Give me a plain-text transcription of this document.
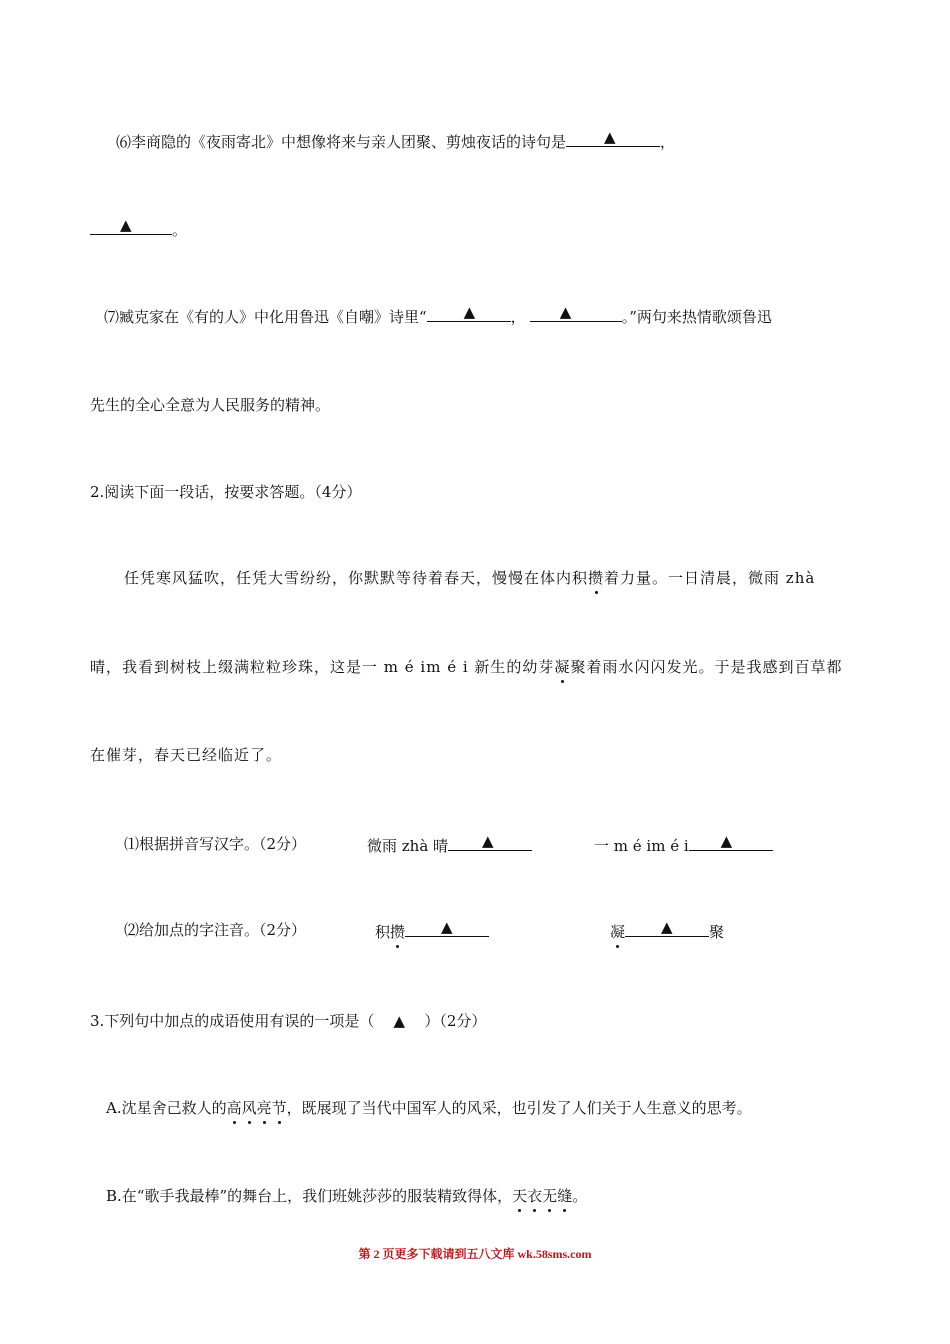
⑹李商隐的《夜雨寄北》中想像将来与亲人团聚、剪烛夜话的诗句是	▲	，
▲	。
⑺臧克家在《有的人》中化用鲁迅《自嘲》诗里“ ▲ ， ▲	。”两句来热情歌颂鲁迅
先生的全心全意为人民服务的精神。
2.阅读下面一段话，按要求答题。（4分）
任凭寒风猛吹，任凭大雪纷纷，你默默等待着春天，慢慢在体内积攒着力量。一日清晨，微雨 zhà
晴，我看到树枝上缀满粒粒珍珠，这是一 m é im é i 新生的幼芽凝聚着雨水闪闪发光。于是我感到百草都
在催芽，春天已经临近了。
⑴根据拼音写汉字。（2分）	微雨 zhà 晴 ▲	一 m é im é i ▲
⑵给加点的字注音。（2分）	积攒 ▲	凝 ▲ 聚
3.下列句中加点的成语使用有误的一项是（ ▲ ）（2分）
A.沈星舍己救人的高风亮节，既展现了当代中国军人的风采，也引发了人们关于人生意义的思考。
B.在“歌手我最棒”的舞台上，我们班姚莎莎的服装精致得体，天衣无缝。
第 2 页更多下载请到五八文库 wk.58sms.com
